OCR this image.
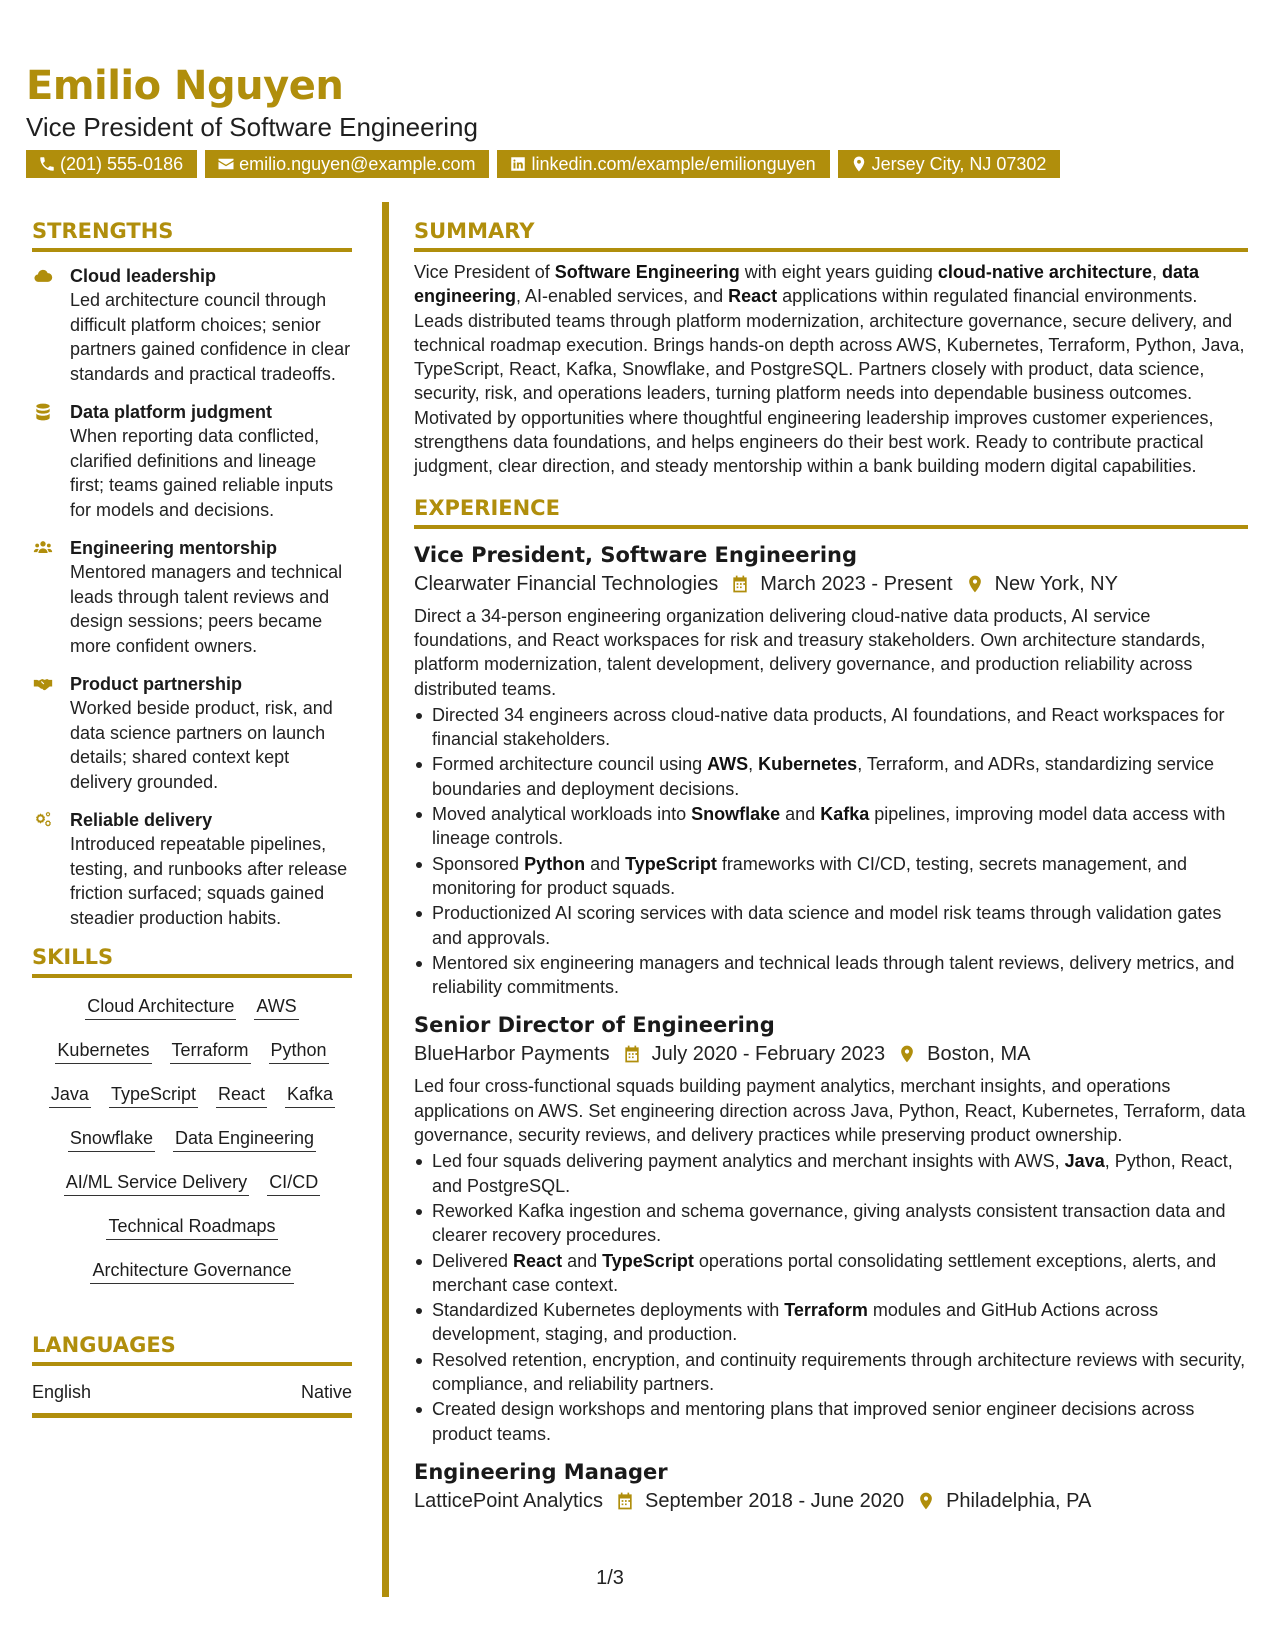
Emilio Nguyen
Vice President of Software Engineering
(201) 555-0186	emilio.nguyen@example.com	linkedin.com/example/emilionguyen	Jersey City, NJ 07302
STRENGTHS
Cloud leadership
Led architecture council through difficult platform choices; senior partners gained confidence in clear standards and practical tradeoffs.
Data platform judgment
When reporting data conflicted, clarified definitions and lineage first; teams gained reliable inputs for models and decisions.
Engineering mentorship
Mentored managers and technical leads through talent reviews and design sessions; peers became more confident owners.
Product partnership
Worked beside product, risk, and data science partners on launch details; shared context kept delivery grounded.
Reliable delivery
Introduced repeatable pipelines, testing, and runbooks after release friction surfaced; squads gained steadier production habits.
SKILLS
Cloud Architecture AWS
Kubernetes Terraform Python
Java TypeScript React Kafka
Snowflake Data Engineering
AI/ML Service Delivery CI/CD
Technical Roadmaps
Architecture Governance
LANGUAGES
English	Native
SUMMARY
Vice President of Software Engineering with eight years guiding cloud-native architecture, data engineering, AI-enabled services, and React applications within regulated financial environments. Leads distributed teams through platform modernization, architecture governance, secure delivery, and technical roadmap execution. Brings hands-on depth across AWS, Kubernetes, Terraform, Python, Java, TypeScript, React, Kafka, Snowflake, and PostgreSQL. Partners closely with product, data science, security, risk, and operations leaders, turning platform needs into dependable business outcomes. Motivated by opportunities where thoughtful engineering leadership improves customer experiences, strengthens data foundations, and helps engineers do their best work. Ready to contribute practical judgment, clear direction, and steady mentorship within a bank building modern digital capabilities.
EXPERIENCE
Vice President, Software Engineering
Clearwater Financial Technologies March 2023 - Present New York, NY
Direct a 34-person engineering organization delivering cloud-native data products, AI service foundations, and React workspaces for risk and treasury stakeholders. Own architecture standards, platform modernization, talent development, delivery governance, and production reliability across distributed teams.
Directed 34 engineers across cloud-native data products, AI foundations, and React workspaces for financial stakeholders.
Formed architecture council using AWS, Kubernetes, Terraform, and ADRs, standardizing service boundaries and deployment decisions.
Moved analytical workloads into Snowflake and Kafka pipelines, improving model data access with lineage controls.
Sponsored Python and TypeScript frameworks with CI/CD, testing, secrets management, and monitoring for product squads.
Productionized AI scoring services with data science and model risk teams through validation gates and approvals.
Mentored six engineering managers and technical leads through talent reviews, delivery metrics, and reliability commitments.
Senior Director of Engineering
BlueHarbor Payments July 2020 - February 2023 Boston, MA
Led four cross-functional squads building payment analytics, merchant insights, and operations applications on AWS. Set engineering direction across Java, Python, React, Kubernetes, Terraform, data governance, security reviews, and delivery practices while preserving product ownership.
Led four squads delivering payment analytics and merchant insights with AWS, Java, Python, React, and PostgreSQL.
Reworked Kafka ingestion and schema governance, giving analysts consistent transaction data and clearer recovery procedures.
Delivered React and TypeScript operations portal consolidating settlement exceptions, alerts, and merchant case context.
Standardized Kubernetes deployments with Terraform modules and GitHub Actions across development, staging, and production.
Resolved retention, encryption, and continuity requirements through architecture reviews with security, compliance, and reliability partners.
Created design workshops and mentoring plans that improved senior engineer decisions across product teams.
Engineering Manager
LatticePoint Analytics September 2018 - June 2020 Philadelphia, PA
1/3
